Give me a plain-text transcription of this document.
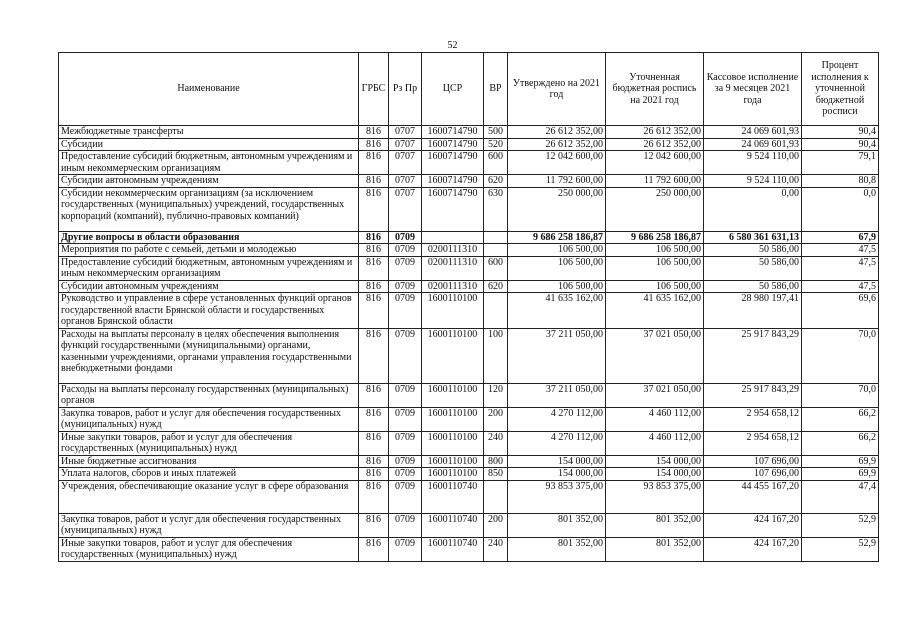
52
Наименование	ГРБС	Рз Пр	ЦСР	ВР	Утверждено на 2021 год	Уточненная бюджетная роспись на 2021 год	Кассовое исполнение за 9 месяцев 2021 года	Процент исполнения к уточненной бюджетной росписи
Межбюджетные трансферты	816	0707	1600714790	500	26 612 352,00	26 612 352,00	24 069 601,93	90,4
Субсидии	816	0707	1600714790	520	26 612 352,00	26 612 352,00	24 069 601,93	90,4
Предоставление субсидий бюджетным, автономным учреждениям и иным некоммерческим организациям	816	0707	1600714790	600	12 042 600,00	12 042 600,00	9 524 110,00	79,1
Субсидии автономным учреждениям	816	0707	1600714790	620	11 792 600,00	11 792 600,00	9 524 110,00	80,8
Субсидии некоммерческим организациям (за исключением государственных (муниципальных) учреждений, государственных корпораций (компаний), публично-правовых компаний)	816	0707	1600714790	630	250 000,00	250 000,00	0,00	0,0
Другие вопросы в области образования	816	0709			9 686 258 186,87	9 686 258 186,87	6 580 361 631,13	67,9
Мероприятия по работе с семьей, детьми и молодежью	816	0709	0200111310		106 500,00	106 500,00	50 586,00	47,5
Предоставление субсидий бюджетным, автономным учреждениям и иным некоммерческим организациям	816	0709	0200111310	600	106 500,00	106 500,00	50 586,00	47,5
Субсидии автономным учреждениям	816	0709	0200111310	620	106 500,00	106 500,00	50 586,00	47,5
Руководство и управление в сфере установленных функций органов государственной власти Брянской области и государственных органов Брянской области	816	0709	1600110100		41 635 162,00	41 635 162,00	28 980 197,41	69,6
Расходы на выплаты персоналу в целях обеспечения выполнения функций государственными (муниципальными) органами, казенными учреждениями, органами управления государственными внебюджетными фондами	816	0709	1600110100	100	37 211 050,00	37 021 050,00	25 917 843,29	70,0
Расходы на выплаты персоналу государственных (муниципальных) органов	816	0709	1600110100	120	37 211 050,00	37 021 050,00	25 917 843,29	70,0
Закупка товаров, работ и услуг для обеспечения государственных (муниципальных) нужд	816	0709	1600110100	200	4 270 112,00	4 460 112,00	2 954 658,12	66,2
Иные закупки товаров, работ и услуг для обеспечения государственных (муниципальных) нужд	816	0709	1600110100	240	4 270 112,00	4 460 112,00	2 954 658,12	66,2
Иные бюджетные ассигнования	816	0709	1600110100	800	154 000,00	154 000,00	107 696,00	69,9
Уплата налогов, сборов и иных платежей	816	0709	1600110100	850	154 000,00	154 000,00	107 696,00	69,9
Учреждения, обеспечивающие оказание услуг в сфере образования	816	0709	1600110740		93 853 375,00	93 853 375,00	44 455 167,20	47,4
Закупка товаров, работ и услуг для обеспечения государственных (муниципальных) нужд	816	0709	1600110740	200	801 352,00	801 352,00	424 167,20	52,9
Иные закупки товаров, работ и услуг для обеспечения государственных (муниципальных) нужд	816	0709	1600110740	240	801 352,00	801 352,00	424 167,20	52,9
